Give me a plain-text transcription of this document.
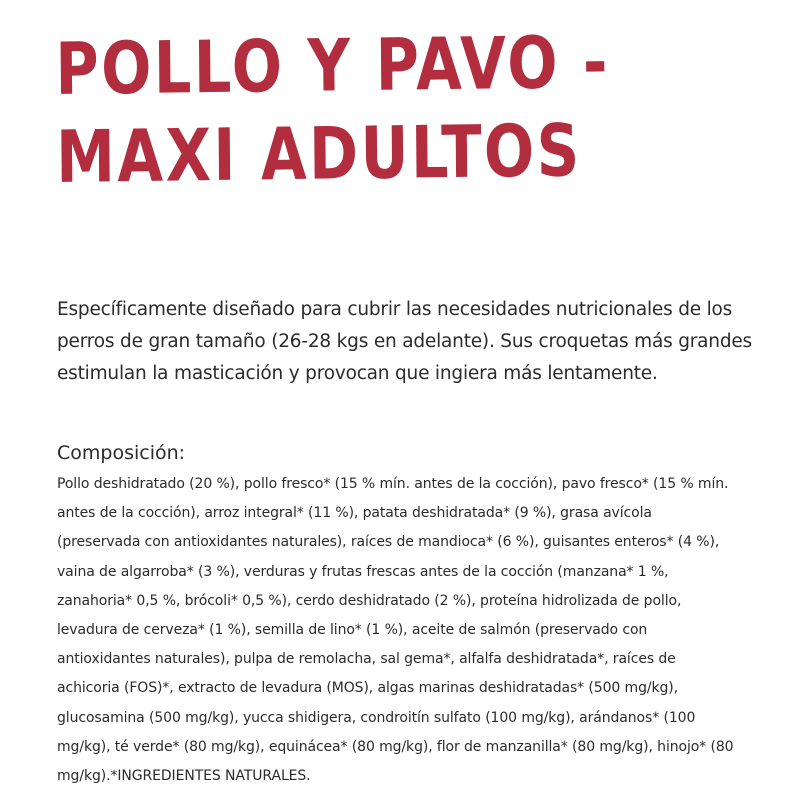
POLLO Y PAVO -
MAXI ADULTOS

Específicamente diseñado para cubrir las necesidades nutricionales de los perros de gran tamaño (26-28 kgs en adelante). Sus croquetas más grandes estimulan la masticación y provocan que ingiera más lentamente.

Composición:

Pollo deshidratado (20 %), pollo fresco* (15 % mín. antes de la cocción), pavo fresco* (15 % mín. antes de la cocción), arroz integral* (11 %), patata deshidratada* (9 %), grasa avícola (preservada con antioxidantes naturales), raíces de mandioca* (6 %), guisantes enteros* (4 %), vaina de algarroba* (3 %), verduras y frutas frescas antes de la cocción (manzana* 1 %, zanahoria* 0,5 %, brócoli* 0,5 %), cerdo deshidratado (2 %), proteína hidrolizada de pollo, levadura de cerveza* (1 %), semilla de lino* (1 %), aceite de salmón (preservado con antioxidantes naturales), pulpa de remolacha, sal gema*, alfalfa deshidratada*, raíces de achicoria (FOS)*, extracto de levadura (MOS), algas marinas deshidratadas* (500 mg/kg), glucosamina (500 mg/kg), yucca shidigera, condroitín sulfato (100 mg/kg), arándanos* (100 mg/kg), té verde* (80 mg/kg), equinácea* (80 mg/kg), flor de manzanilla* (80 mg/kg), hinojo* (80 mg/kg).*INGREDIENTES NATURALES.
